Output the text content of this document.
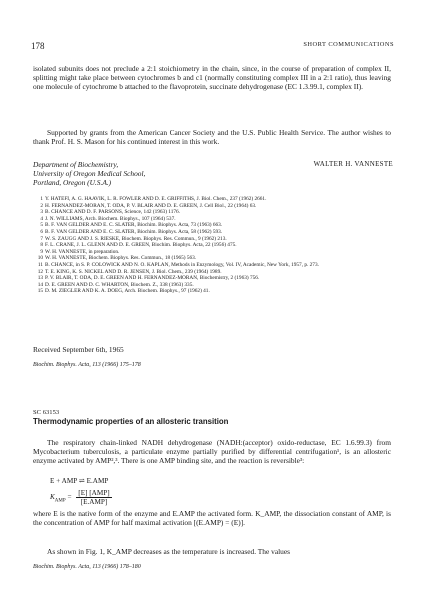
178	SHORT COMMUNICATIONS

isolated subunits does not preclude a 2:1 stoichiometry in the chain, since, in the course of preparation of complex II, splitting might take place between cytochromes b and c1 (normally constituting complex III in a 2:1 ratio), thus leaving one molecule of cytochrome b attached to the flavoprotein, succinate dehydrogenase (EC 1.3.99.1, complex II).

Supported by grants from the American Cancer Society and the U.S. Public Health Service. The author wishes to thank Prof. H. S. Mason for his continued interest in this work.

Department of Biochemistry,
University of Oregon Medical School,
Portland, Oregon (U.S.A.)
WALTER H. VANNESTE
1 Y. HATEFI, A. G. HAAVIK, L. R. FOWLER AND D. E. GRIFFITHS, J. Biol. Chem., 237 (1962) 2661.
2 H. FERNANDEZ-MORAN, T. ODA, P. V. BLAIR AND D. E. GREEN, J. Cell Biol., 22 (1964) 63.
3 B. CHANCE AND D. F. PARSONS, Science, 142 (1963) 1176.
4 J. N. WILLIAMS, Arch. Biochem. Biophys., 107 (1964) 537.
5 B. F. VAN GELDER AND E. C. SLATER, Biochim. Biophys. Acta, 73 (1963) 663.
6 B. F. VAN GELDER AND E. C. SLATER, Biochim. Biophys. Acta, 58 (1962) 593.
7 W. S. ZAUGG AND J. S. RIESKE, Biochem. Biophys. Res. Commun., 9 (1962) 213.
8 F. L. CRANE, J. L. GLENN AND D. E. GREEN, Biochim. Biophys. Acta, 22 (1956) 475.
9 W. H. VANNESTE, in preparation.
10 W. H. VANNESTE, Biochem. Biophys. Res. Commun., 18 (1965) 563.
11 B. CHANCE, in S. P. COLOWICK AND N. O. KAPLAN, Methods in Enzymology, Vol. IV, Academic, New York, 1957, p. 273.
12 T. E. KING, K. S. NICKEL AND D. R. JENSEN, J. Biol. Chem., 239 (1964) 1989.
13 P. V. BLAIR, T. ODA, D. E. GREEN AND H. FERNANDEZ-MORAN, Biochemistry, 2 (1963) 756.
14 D. E. GREEN AND D. C. WHARTON, Biochem. Z., 338 (1963) 335.
15 D. M. ZIEGLER AND K. A. DOEG, Arch. Biochem. Biophys., 97 (1962) 41.
Received September 6th, 1965
Biochim. Biophys. Acta, 113 (1966) 175–178
SC 63153
Thermodynamic properties of an allosteric transition

The respiratory chain-linked NADH dehydrogenase (NADH:(acceptor) oxido-reductase, EC 1.6.99.3) from Mycobacterium tuberculosis, a particulate enzyme partially purified by differential centrifugation¹, is an allosteric enzyme activated by AMP²,³. There is one AMP binding site, and the reaction is reversible³:

E + AMP ⇌ E.AMP
$K_{AMP} = \frac{\text{[E] [AMP]}}{\text{[E.AMP]}}$

where E is the native form of the enzyme and E.AMP the activated form. K_AMP, the dissociation constant of AMP, is the concentration of AMP for half maximal activation [(E.AMP) = (E)].

As shown in Fig. 1, K_AMP decreases as the temperature is increased. The values

Biochim. Biophys. Acta, 113 (1966) 178–180
